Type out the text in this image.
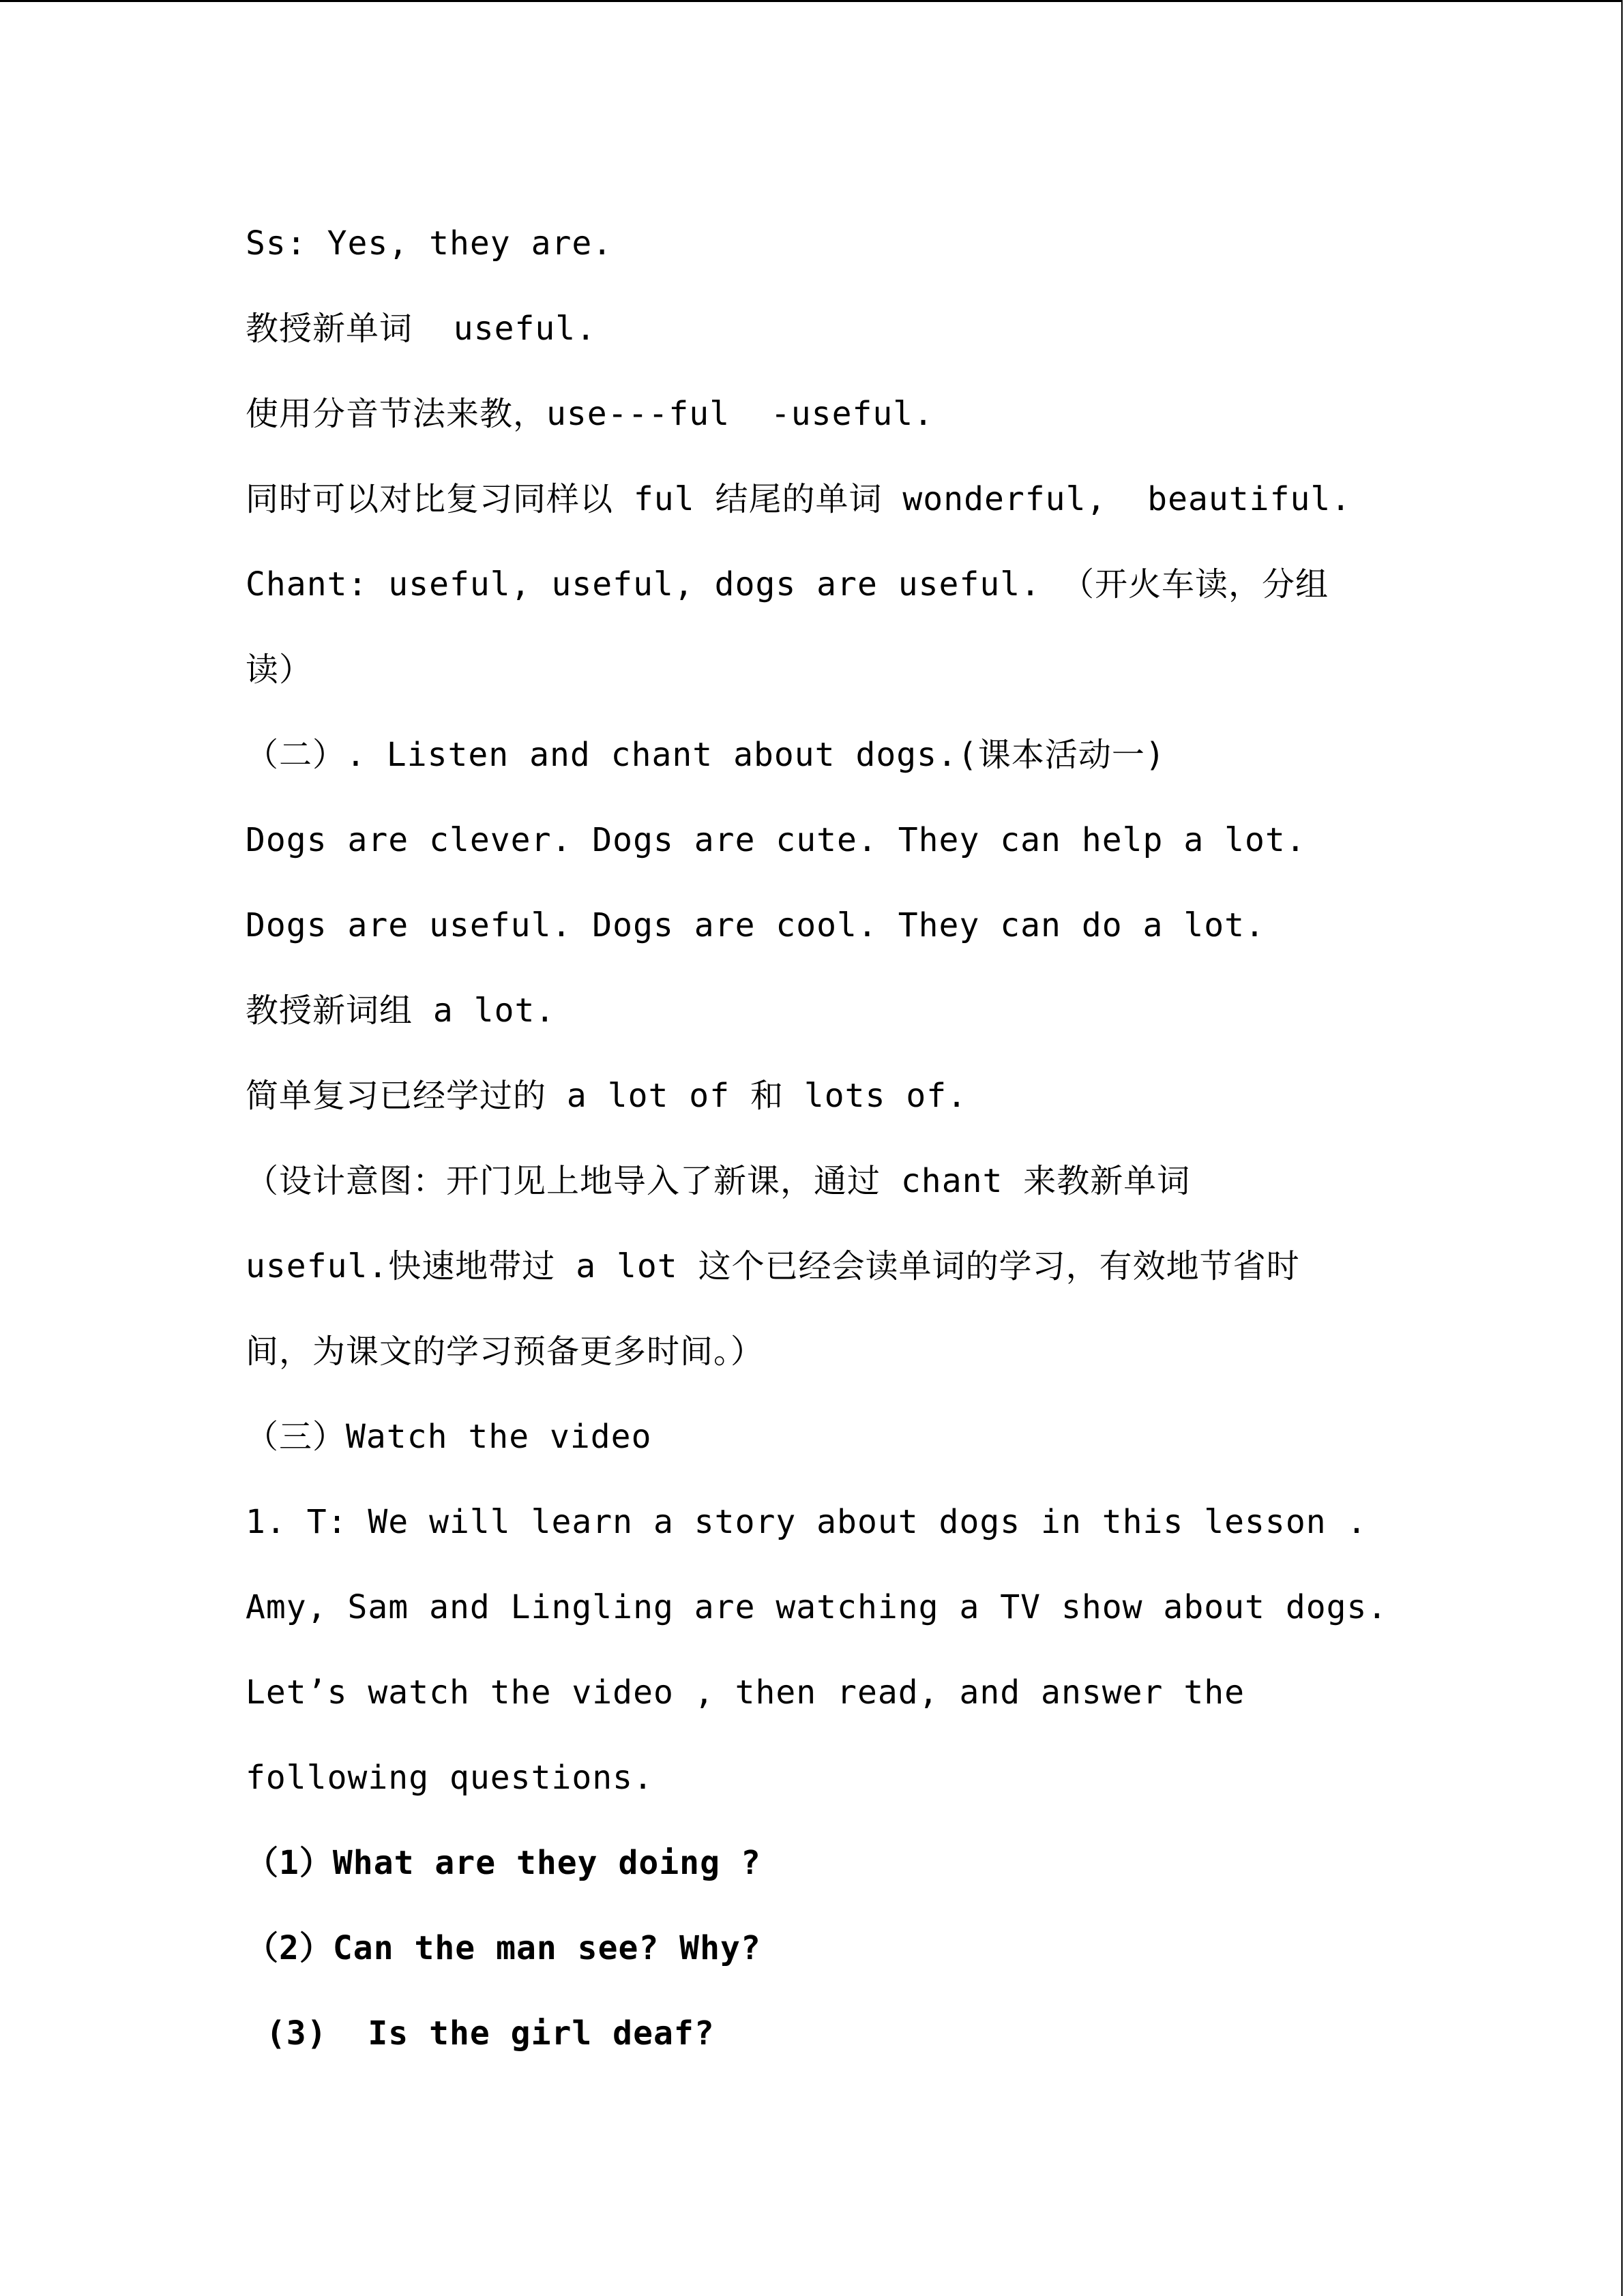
Ss: Yes, they are.
教授新单词  useful.
使用分音节法来教，use---ful  -useful.
同时可以对比复习同样以 ful 结尾的单词 wonderful,  beautiful.
Chant: useful, useful, dogs are useful. （开火车读，分组
读）
（二）. Listen and chant about dogs.(课本活动一)
Dogs are clever. Dogs are cute. They can help a lot.
Dogs are useful. Dogs are cool. They can do a lot.
教授新词组 a lot.
简单复习已经学过的 a lot of 和 lots of.
（设计意图：开门见上地导入了新课，通过 chant 来教新单词
useful.快速地带过 a lot 这个已经会读单词的学习，有效地节省时
间，为课文的学习预备更多时间。）
（三）Watch the video
1. T: We will learn a story about dogs in this lesson .
Amy, Sam and Lingling are watching a TV show about dogs.
Let’s watch the video , then read, and answer the
following questions.
（1）What are they doing ?
（2）Can the man see? Why?
(3)  Is the girl deaf?
